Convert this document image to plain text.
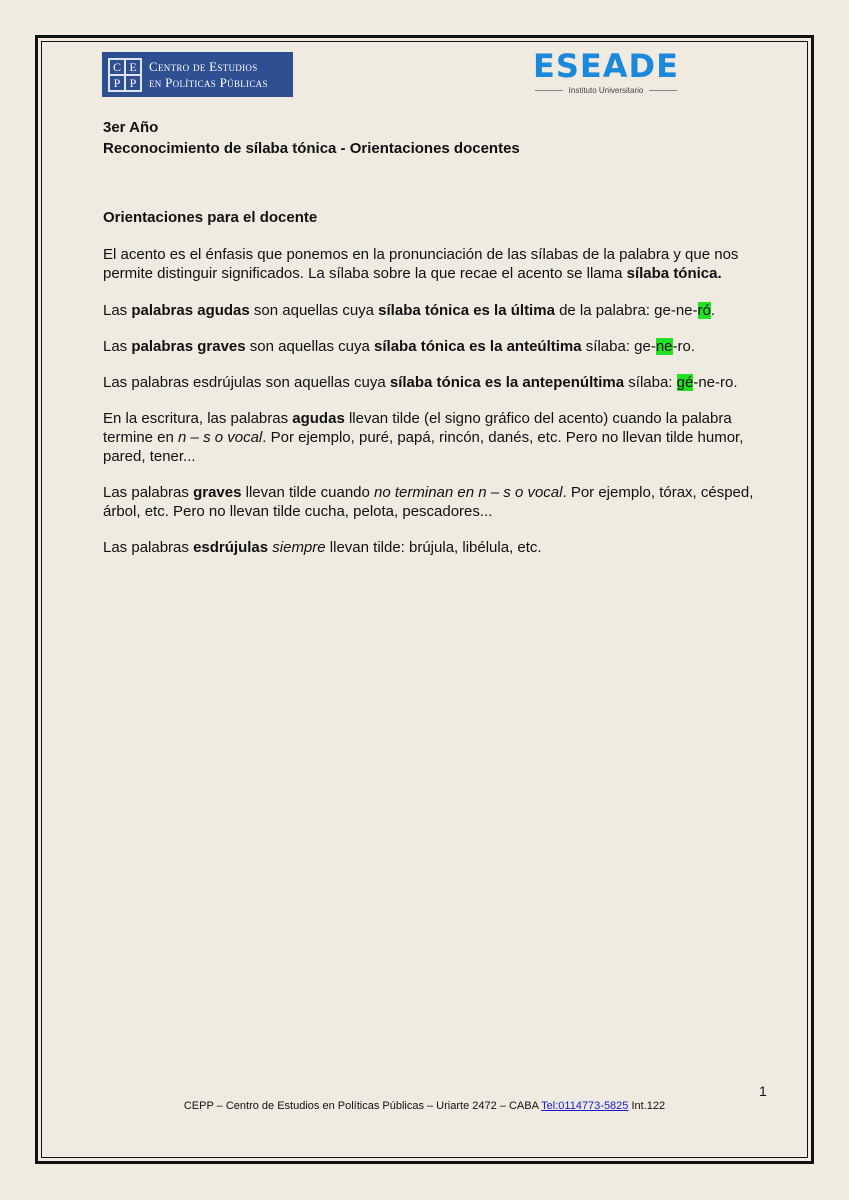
C E
P P
Centro de Estudios
en Políticas Públicas	ESEADE
Instituto Universitario

3er Año

Reconocimiento de sílaba tónica - Orientaciones docentes

Orientaciones para el docente

El acento es el énfasis que ponemos en la pronunciación de las sílabas de la palabra y que nos permite distinguir significados. La sílaba sobre la que recae el acento se llama sílaba tónica.

Las palabras agudas son aquellas cuya sílaba tónica es la última de la palabra: ge-ne-ró.

Las palabras graves son aquellas cuya sílaba tónica es la anteúltima sílaba: ge-ne-ro.

Las palabras esdrújulas son aquellas cuya sílaba tónica es la antepenúltima sílaba: gé-ne-ro.

En la escritura, las palabras agudas llevan tilde (el signo gráfico del acento) cuando la palabra termine en n – s o vocal. Por ejemplo, puré, papá, rincón, danés, etc. Pero no llevan tilde humor, pared, tener...

Las palabras graves llevan tilde cuando no terminan en n – s o vocal. Por ejemplo, tórax, césped, árbol, etc. Pero no llevan tilde cucha, pelota, pescadores...

Las palabras esdrújulas siempre llevan tilde: brújula, libélula, etc.

1
CEPP – Centro de Estudios en Políticas Públicas – Uriarte 2472 – CABA Tel:0114773-5825 Int.122
